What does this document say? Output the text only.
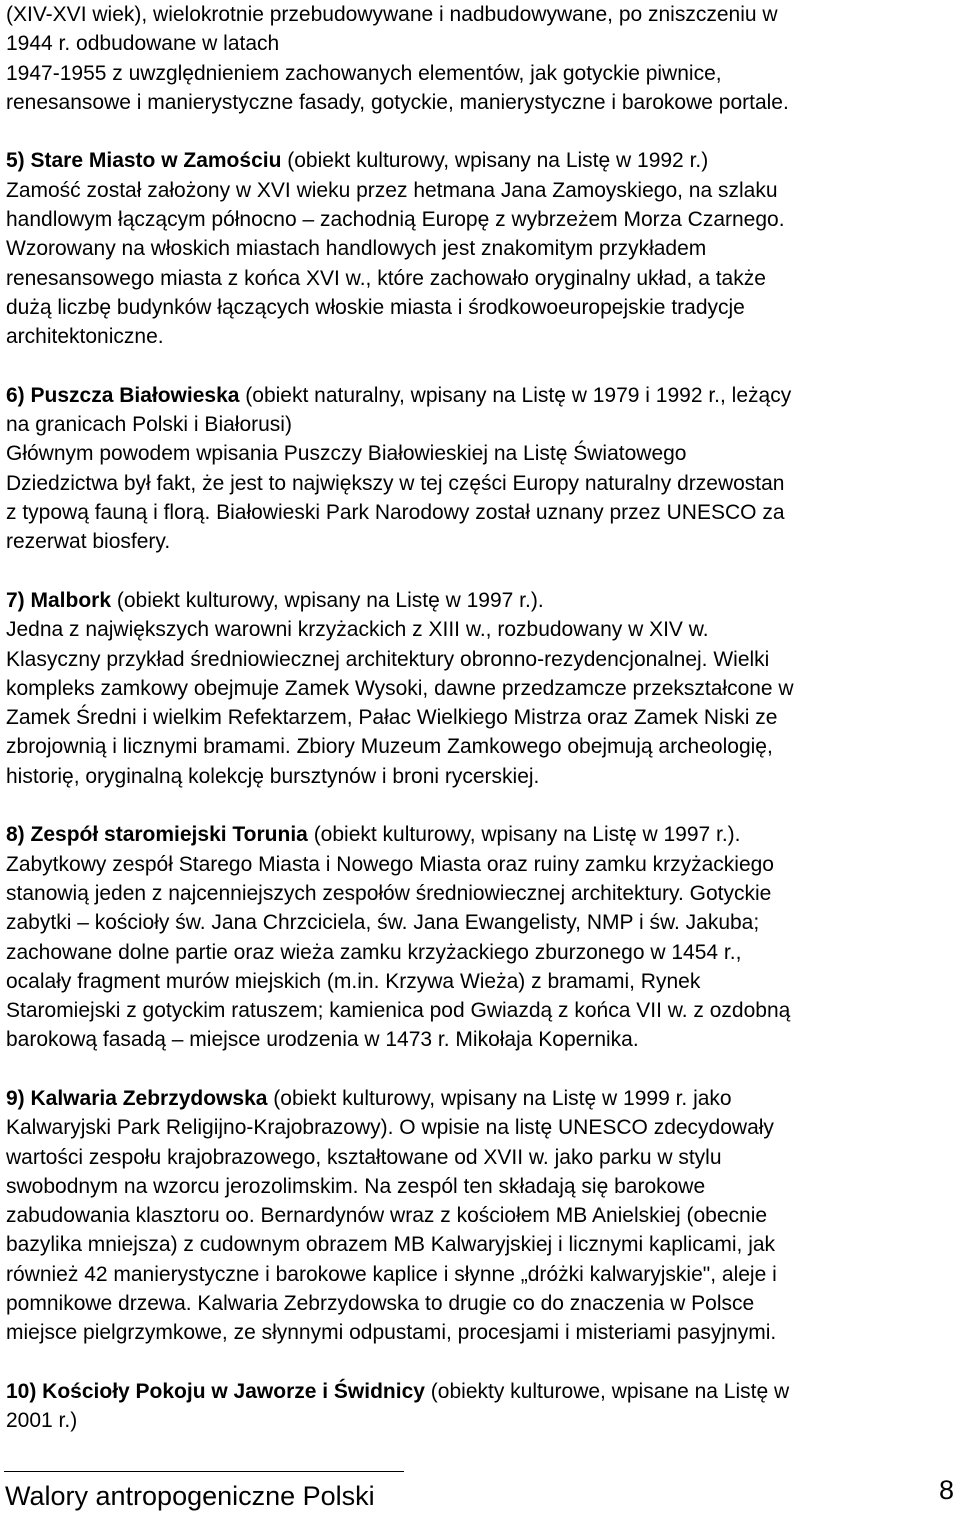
(XIV-XVI wiek), wielokrotnie przebudowywane i nadbudowywane, po zniszczeniu w

1944 r. odbudowane w latach

1947-1955 z uwzględnieniem zachowanych elementów, jak gotyckie piwnice,

renesansowe i manierystyczne fasady, gotyckie, manierystyczne i barokowe portale.

5) Stare Miasto w Zamościu (obiekt kulturowy, wpisany na Listę w 1992 r.)

Zamość został założony w XVI wieku przez hetmana Jana Zamoyskiego, na szlaku

handlowym łączącym północno – zachodnią Europę z wybrzeżem Morza Czarnego.

Wzorowany na włoskich miastach handlowych jest znakomitym przykładem

renesansowego miasta z końca XVI w., które zachowało oryginalny układ, a także

dużą liczbę budynków łączących włoskie miasta i środkowoeuropejskie tradycje

architektoniczne.

6) Puszcza Białowieska (obiekt naturalny, wpisany na Listę w 1979 i 1992 r., leżący

na granicach Polski i Białorusi)

Głównym powodem wpisania Puszczy Białowieskiej na Listę Światowego

Dziedzictwa był fakt, że jest to największy w tej części Europy naturalny drzewostan

z typową fauną i florą. Białowieski Park Narodowy został uznany przez UNESCO za

rezerwat biosfery.

7) Malbork (obiekt kulturowy, wpisany na Listę w 1997 r.).

Jedna z największych warowni krzyżackich z XIII w., rozbudowany w XIV w.

Klasyczny przykład średniowiecznej architektury obronno-rezydencjonalnej. Wielki

kompleks zamkowy obejmuje Zamek Wysoki, dawne przedzamcze przekształcone w

Zamek Średni i wielkim Refektarzem, Pałac Wielkiego Mistrza oraz Zamek Niski ze

zbrojownią i licznymi bramami. Zbiory Muzeum Zamkowego obejmują archeologię,

historię, oryginalną kolekcję bursztynów i broni rycerskiej.

8) Zespół staromiejski Torunia (obiekt kulturowy, wpisany na Listę w 1997 r.).

Zabytkowy zespół Starego Miasta i Nowego Miasta oraz ruiny zamku krzyżackiego

stanowią jeden z najcenniejszych zespołów średniowiecznej architektury. Gotyckie

zabytki – kościoły św. Jana Chrzciciela, św. Jana Ewangelisty, NMP i św. Jakuba;

zachowane dolne partie oraz wieża zamku krzyżackiego zburzonego w 1454 r.,

ocalały fragment murów miejskich (m.in. Krzywa Wieża) z bramami, Rynek

Staromiejski z gotyckim ratuszem; kamienica pod Gwiazdą z końca VII w. z ozdobną

barokową fasadą – miejsce urodzenia w 1473 r. Mikołaja Kopernika.

9) Kalwaria Zebrzydowska (obiekt kulturowy, wpisany na Listę w 1999 r. jako

Kalwaryjski Park Religijno-Krajobrazowy). O wpisie na listę UNESCO zdecydowały

wartości zespołu krajobrazowego, kształtowane od XVII w. jako parku w stylu

swobodnym na wzorcu jerozolimskim. Na zespól ten składają się barokowe

zabudowania klasztoru oo. Bernardynów wraz z kościołem MB Anielskiej (obecnie

bazylika mniejsza) z cudownym obrazem MB Kalwaryjskiej i licznymi kaplicami, jak

również 42 manierystyczne i barokowe kaplice i słynne „dróżki kalwaryjskie", aleje i

pomnikowe drzewa. Kalwaria Zebrzydowska to drugie co do znaczenia w Polsce

miejsce pielgrzymkowe, ze słynnymi odpustami, procesjami i misteriami pasyjnymi.

10) Kościoły Pokoju w Jaworze i Świdnicy (obiekty kulturowe, wpisane na Listę w

2001 r.)

Walory antropogeniczne Polski	8
